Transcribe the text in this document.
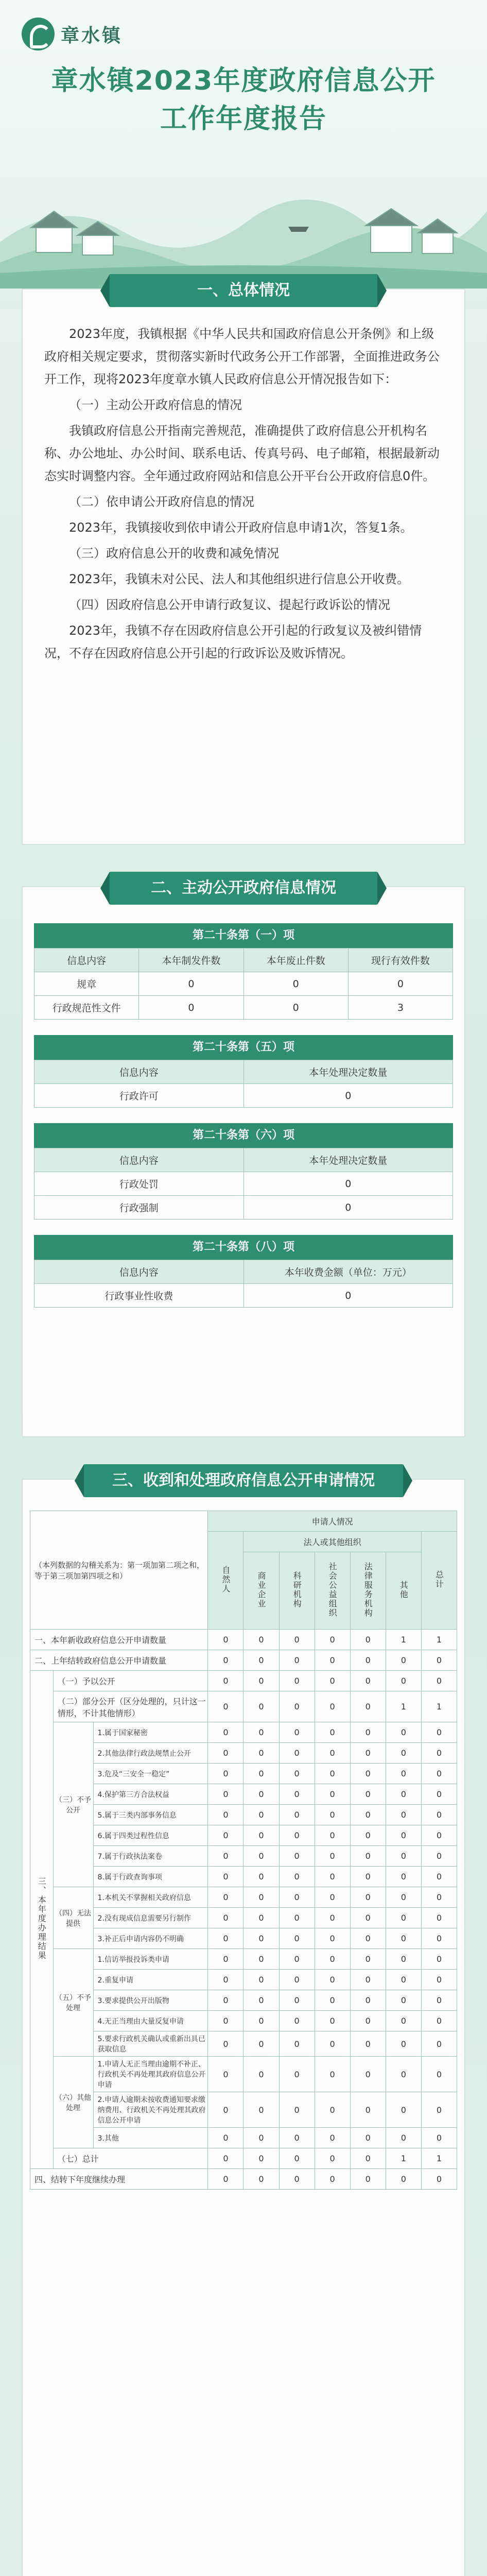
章水镇
章水镇2023年度政府信息公开
工作年度报告
一、总体情况

2023年度，我镇根据《中华人民共和国政府信息公开条例》和上级政府相关规定要求，贯彻落实新时代政务公开工作部署，全面推进政务公开工作，现将2023年度章水镇人民政府信息公开情况报告如下：

（一）主动公开政府信息的情况

我镇政府信息公开指南完善规范，准确提供了政府信息公开机构名称、办公地址、办公时间、联系电话、传真号码、电子邮箱，根据最新动态实时调整内容。全年通过政府网站和信息公开平台公开政府信息0件。

（二）依申请公开政府信息的情况

2023年，我镇接收到依申请公开政府信息申请1次，答复1条。

（三）政府信息公开的收费和减免情况

2023年，我镇未对公民、法人和其他组织进行信息公开收费。

（四）因政府信息公开申请行政复议、提起行政诉讼的情况

2023年，我镇不存在因政府信息公开引起的行政复议及被纠错情况，不存在因政府信息公开引起的行政诉讼及败诉情况。

二、主动公开政府信息情况
第二十条第（一）项
信息内容	本年制发件数	本年废止件数	现行有效件数
规章	0	0	0
行政规范性文件	0	0	3
第二十条第（五）项
信息内容	本年处理决定数量
行政许可	0
第二十条第（六）项
信息内容	本年处理决定数量
行政处罚	0
行政强制	0
第二十条第（八）项
信息内容	本年收费金额（单位：万元）
行政事业性收费	0
三、收到和处理政府信息公开申请情况
（本列数据的勾稽关系为：第一项加第二项之和，等于第三项加第四项之和）			申请人情况						
			自然人	法人或其他组织					总计
				商业企业	科研机构	社会公益组织	法律服务机构	其他	
一、本年新收政府信息公开申请数量			0	0	0	0	0	1	1
二、上年结转政府信息公开申请数量			0	0	0	0	0	0	0
三、本年度办理结果	（一）予以公开		0	0	0	0	0	0	0
	（二）部分公开（区分处理的，只计这一情形，不计其他情形）		0	0	0	0	0	1	1
	（三）不予公开	1.属于国家秘密	0	0	0	0	0	0	0
		2.其他法律行政法规禁止公开	0	0	0	0	0	0	0
		3.危及“三安全一稳定”	0	0	0	0	0	0	0
		4.保护第三方合法权益	0	0	0	0	0	0	0
		5.属于三类内部事务信息	0	0	0	0	0	0	0
		6.属于四类过程性信息	0	0	0	0	0	0	0
		7.属于行政执法案卷	0	0	0	0	0	0	0
		8.属于行政查询事项	0	0	0	0	0	0	0
	（四）无法提供	1.本机关不掌握相关政府信息	0	0	0	0	0	0	0
		2.没有现成信息需要另行制作	0	0	0	0	0	0	0
		3.补正后申请内容仍不明确	0	0	0	0	0	0	0
	（五）不予处理	1.信访举报投诉类申请	0	0	0	0	0	0	0
		2.重复申请	0	0	0	0	0	0	0
		3.要求提供公开出版物	0	0	0	0	0	0	0
		4.无正当理由大量反复申请	0	0	0	0	0	0	0
		5.要求行政机关确认或重新出具已获取信息	0	0	0	0	0	0	0
	（六）其他处理	1.申请人无正当理由逾期不补正、行政机关不再处理其政府信息公开申请	0	0	0	0	0	0	0
		2.申请人逾期未按收费通知要求缴纳费用、行政机关不再处理其政府信息公开申请	0	0	0	0	0	0	0
		3.其他	0	0	0	0	0	0	0
	（七）总计		0	0	0	0	0	1	1
四、结转下年度继续办理			0	0	0	0	0	0	0
